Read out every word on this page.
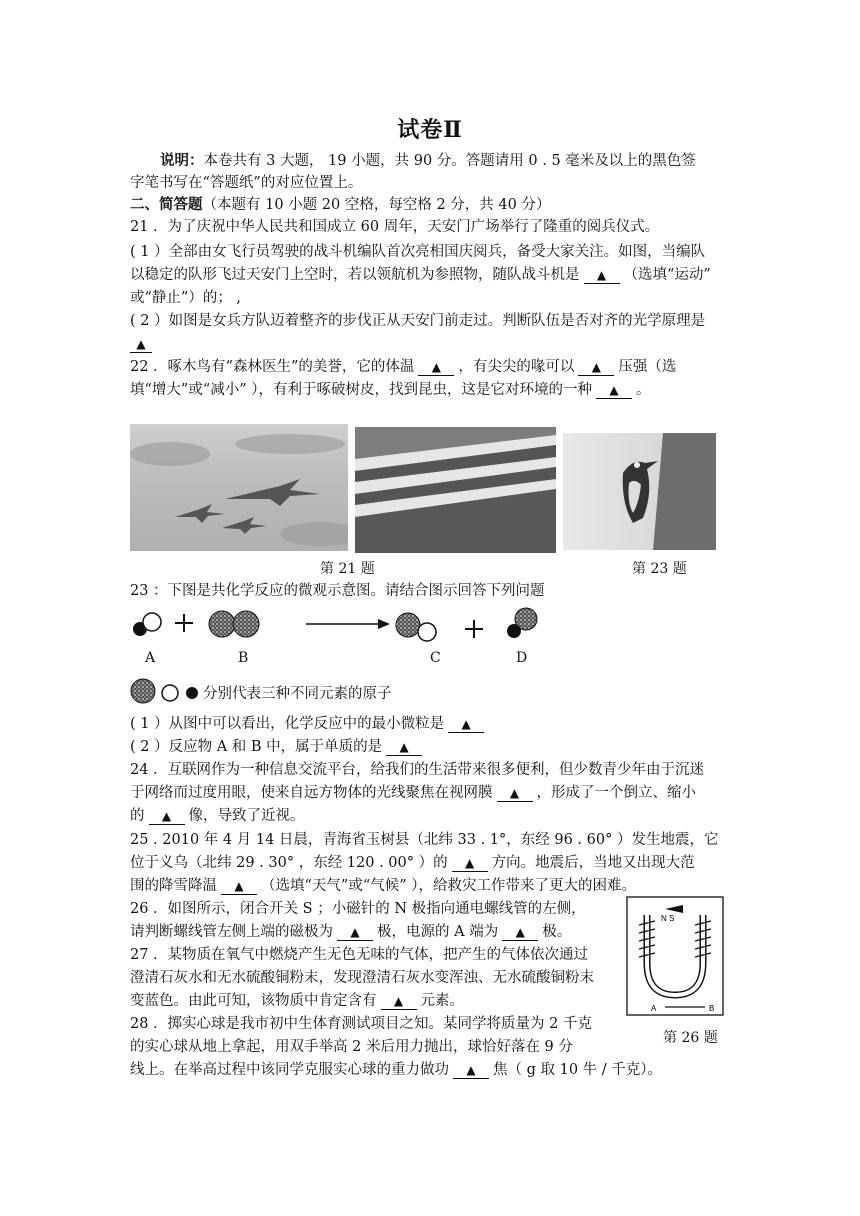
试卷Ⅱ
说明：本卷共有 3 大题， 19 小题，共 90 分。答题请用 0 . 5 毫米及以上的黑色签
字笔书写在“答题纸”的对应位置上。
二、简答题（本题有 10 小题 20 空格，每空格 2 分，共 40 分）
21 ．为了庆祝中华人民共和国成立 60 周年，天安门广场举行了隆重的阅兵仪式。
( 1 ）全部由女飞行员驾驶的战斗机编队首次亮相国庆阅兵，备受大家关注。如图，当编队
以稳定的队形飞过天安门上空时，若以领航机为参照物，随队战斗机是 ▲ （选填“运动”
或“静止”）的； ,
( 2 ）如图是女兵方队迈着整齐的步伐正从天安门前走过。判断队伍是否对齐的光学原理是
▲
22 ．啄木鸟有“森林医生”的美誉，它的体温 ▲ ，有尖尖的喙可以 ▲ 压强（选
填“增大”或“减小” ），有利于啄破树皮，找到昆虫，这是它对环境的一种 ▲ 。
第 21 题	第 23 题
23 ：下图是共化学反应的微观示意图。请结合图示回答下列问题
A	B	C	D
分别代表三种不同元素的原子
( 1 ）从图中可以看出，化学反应中的最小微粒是 ▲
( 2 ）反应物 A 和 B 中，属于单质的是 ▲
24 ．互联网作为一种信息交流平台，给我们的生活带来很多便利，但少数青少年由于沉迷
于网络而过度用眼，使来自远方物体的光线聚焦在视网膜 ▲ ，形成了一个倒立、缩小
的 ▲ 像，导致了近视。
25 . 2010 年 4 月 14 日晨，青海省玉树县（北纬 33 . 1°，东经 96 . 60° ）发生地震，它
位于义乌（北纬 29 . 30° ，东经 120 . 00° ）的 ▲ 方向。地震后，当地又出现大范
围的降雪降温 ▲ （选填“天气”或“气候” ），给救灾工作带来了更大的困难。
26 ．如图所示，闭合开关 S ；小磁针的 N 极指向通电螺线管的左侧，
请判断螺线管左侧上端的磁极为 ▲ 极，电源的 A 端为 ▲ 极。
N S
A	B
第 26 题
27 ．某物质在氧气中燃烧产生无色无味的气体，把产生的气体依次通过
澄清石灰水和无水硫酸铜粉末，发现澄清石灰水变浑浊、无水硫酸铜粉末
变蓝色。由此可知，该物质中肯定含有 ▲ 元素。
28 ．掷实心球是我市初中生体育测试项目之知。某同学将质量为 2 千克
的实心球从地上拿起，用双手举高 2 米后用力抛出，球恰好落在 9 分
线上。在举高过程中该同学克服实心球的重力做功 ▲ 焦（ g 取 10 牛 / 千克）。
